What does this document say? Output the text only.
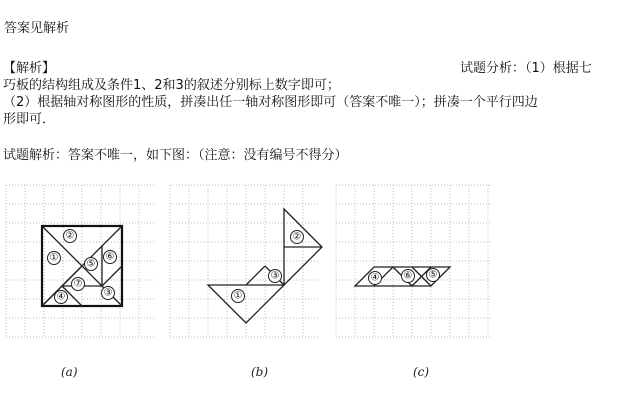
答案见解析
【解析】	试题分析：（1）根据七
巧板的结构组成及条件1、2和3的叙述分别标上数字即可；
（2）根据轴对称图形的性质，拼凑出任一轴对称图形即可（答案不唯一）；拼凑一个平行四边
形即可．
试题解析：答案不唯一，如下图：（注意：没有编号不得分）
①
②
③
④
⑤
⑥
⑦
①
②
③	④ ⑥ ⑤
(a)	(b)	(c)
